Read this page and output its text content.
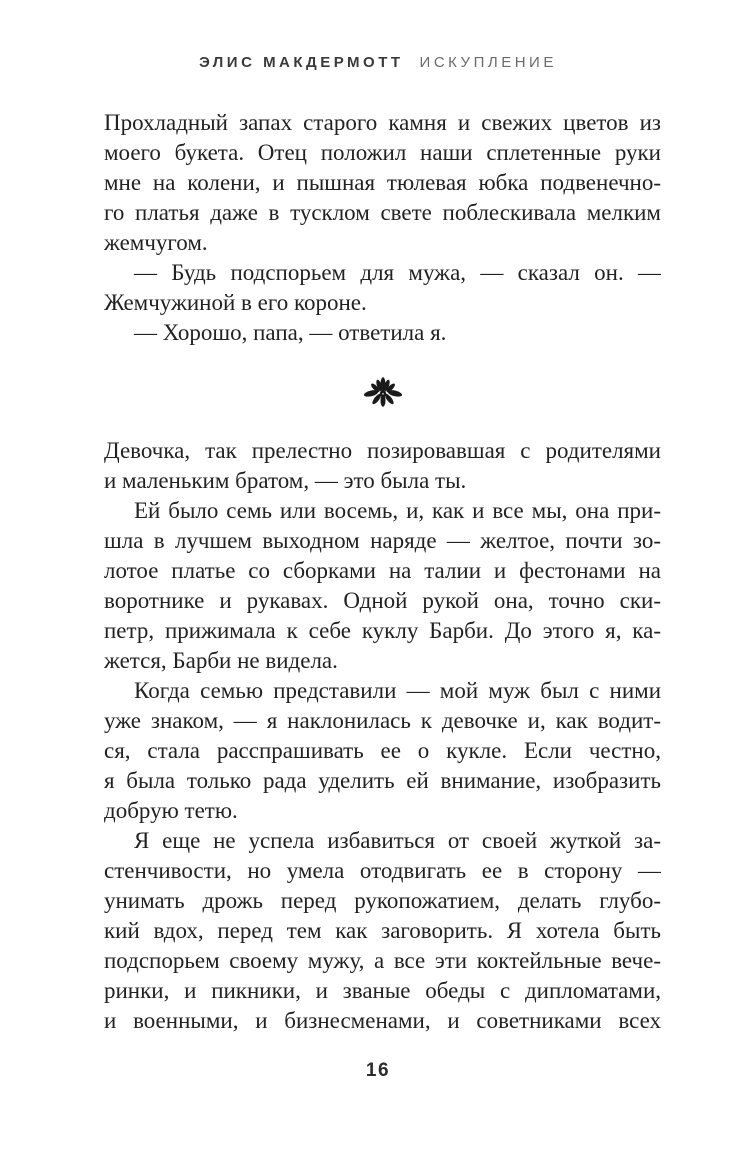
ЭЛИС МАКДЕРМОТТ ИСКУПЛЕНИЕ
Прохладный запах старого камня и свежих цветов из
моего букета. Отец положил наши сплетенные руки
мне на колени, и пышная тюлевая юбка подвенечно-
го платья даже в тусклом свете поблескивала мелким
жемчугом.
— Будь подспорьем для мужа, — сказал он. —
Жемчужиной в его короне.
— Хорошо, папа, — ответила я.
Девочка, так прелестно позировавшая с родителями
и маленьким братом, — это была ты.
Ей было семь или восемь, и, как и все мы, она при-
шла в лучшем выходном наряде — желтое, почти зо-
лотое платье со сборками на талии и фестонами на
воротнике и рукавах. Одной рукой она, точно ски-
петр, прижимала к себе куклу Барби. До этого я, ка-
жется, Барби не видела.
Когда семью представили — мой муж был с ними
уже знаком, — я наклонилась к девочке и, как водит-
ся, стала расспрашивать ее о кукле. Если честно,
я была только рада уделить ей внимание, изобразить
добрую тетю.
Я еще не успела избавиться от своей жуткой за-
стенчивости, но умела отодвигать ее в сторону —
унимать дрожь перед рукопожатием, делать глубо-
кий вдох, перед тем как заговорить. Я хотела быть
подспорьем своему мужу, а все эти коктейльные вече-
ринки, и пикники, и званые обеды с дипломатами,
и военными, и бизнесменами, и советниками всех
16
